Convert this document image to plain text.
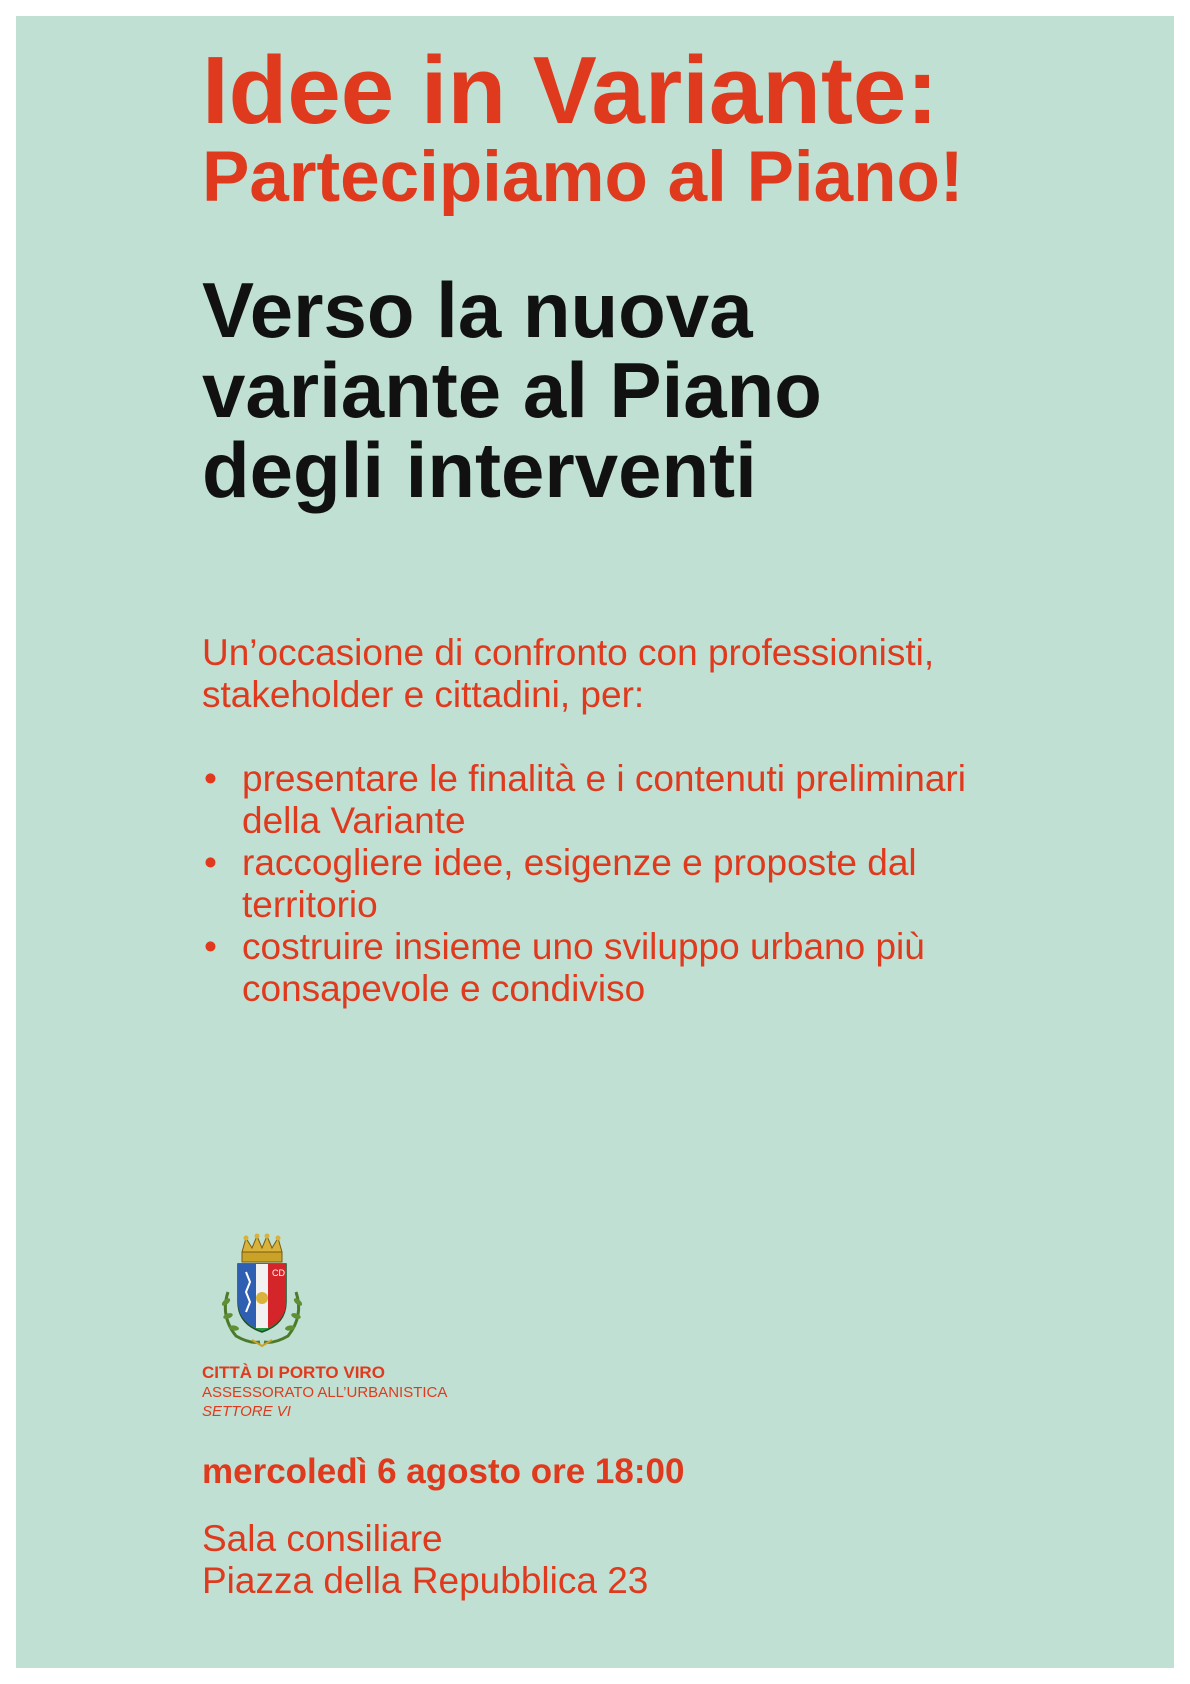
Idee in Variante:
Partecipiamo al Piano!
Verso la nuova
variante al Piano
degli interventi
Un’occasione di confronto con professionisti,
stakeholder e cittadini, per:
• presentare le finalità e i contenuti preliminari
della Variante
• raccogliere idee, esigenze e proposte dal
territorio
• costruire insieme uno sviluppo urbano più
consapevole e condiviso
CD
CITTÀ DI PORTO VIRO
ASSESSORATO ALL’URBANISTICA
SETTORE VI
mercoledì 6 agosto ore 18:00
Sala consiliare
Piazza della Repubblica 23
